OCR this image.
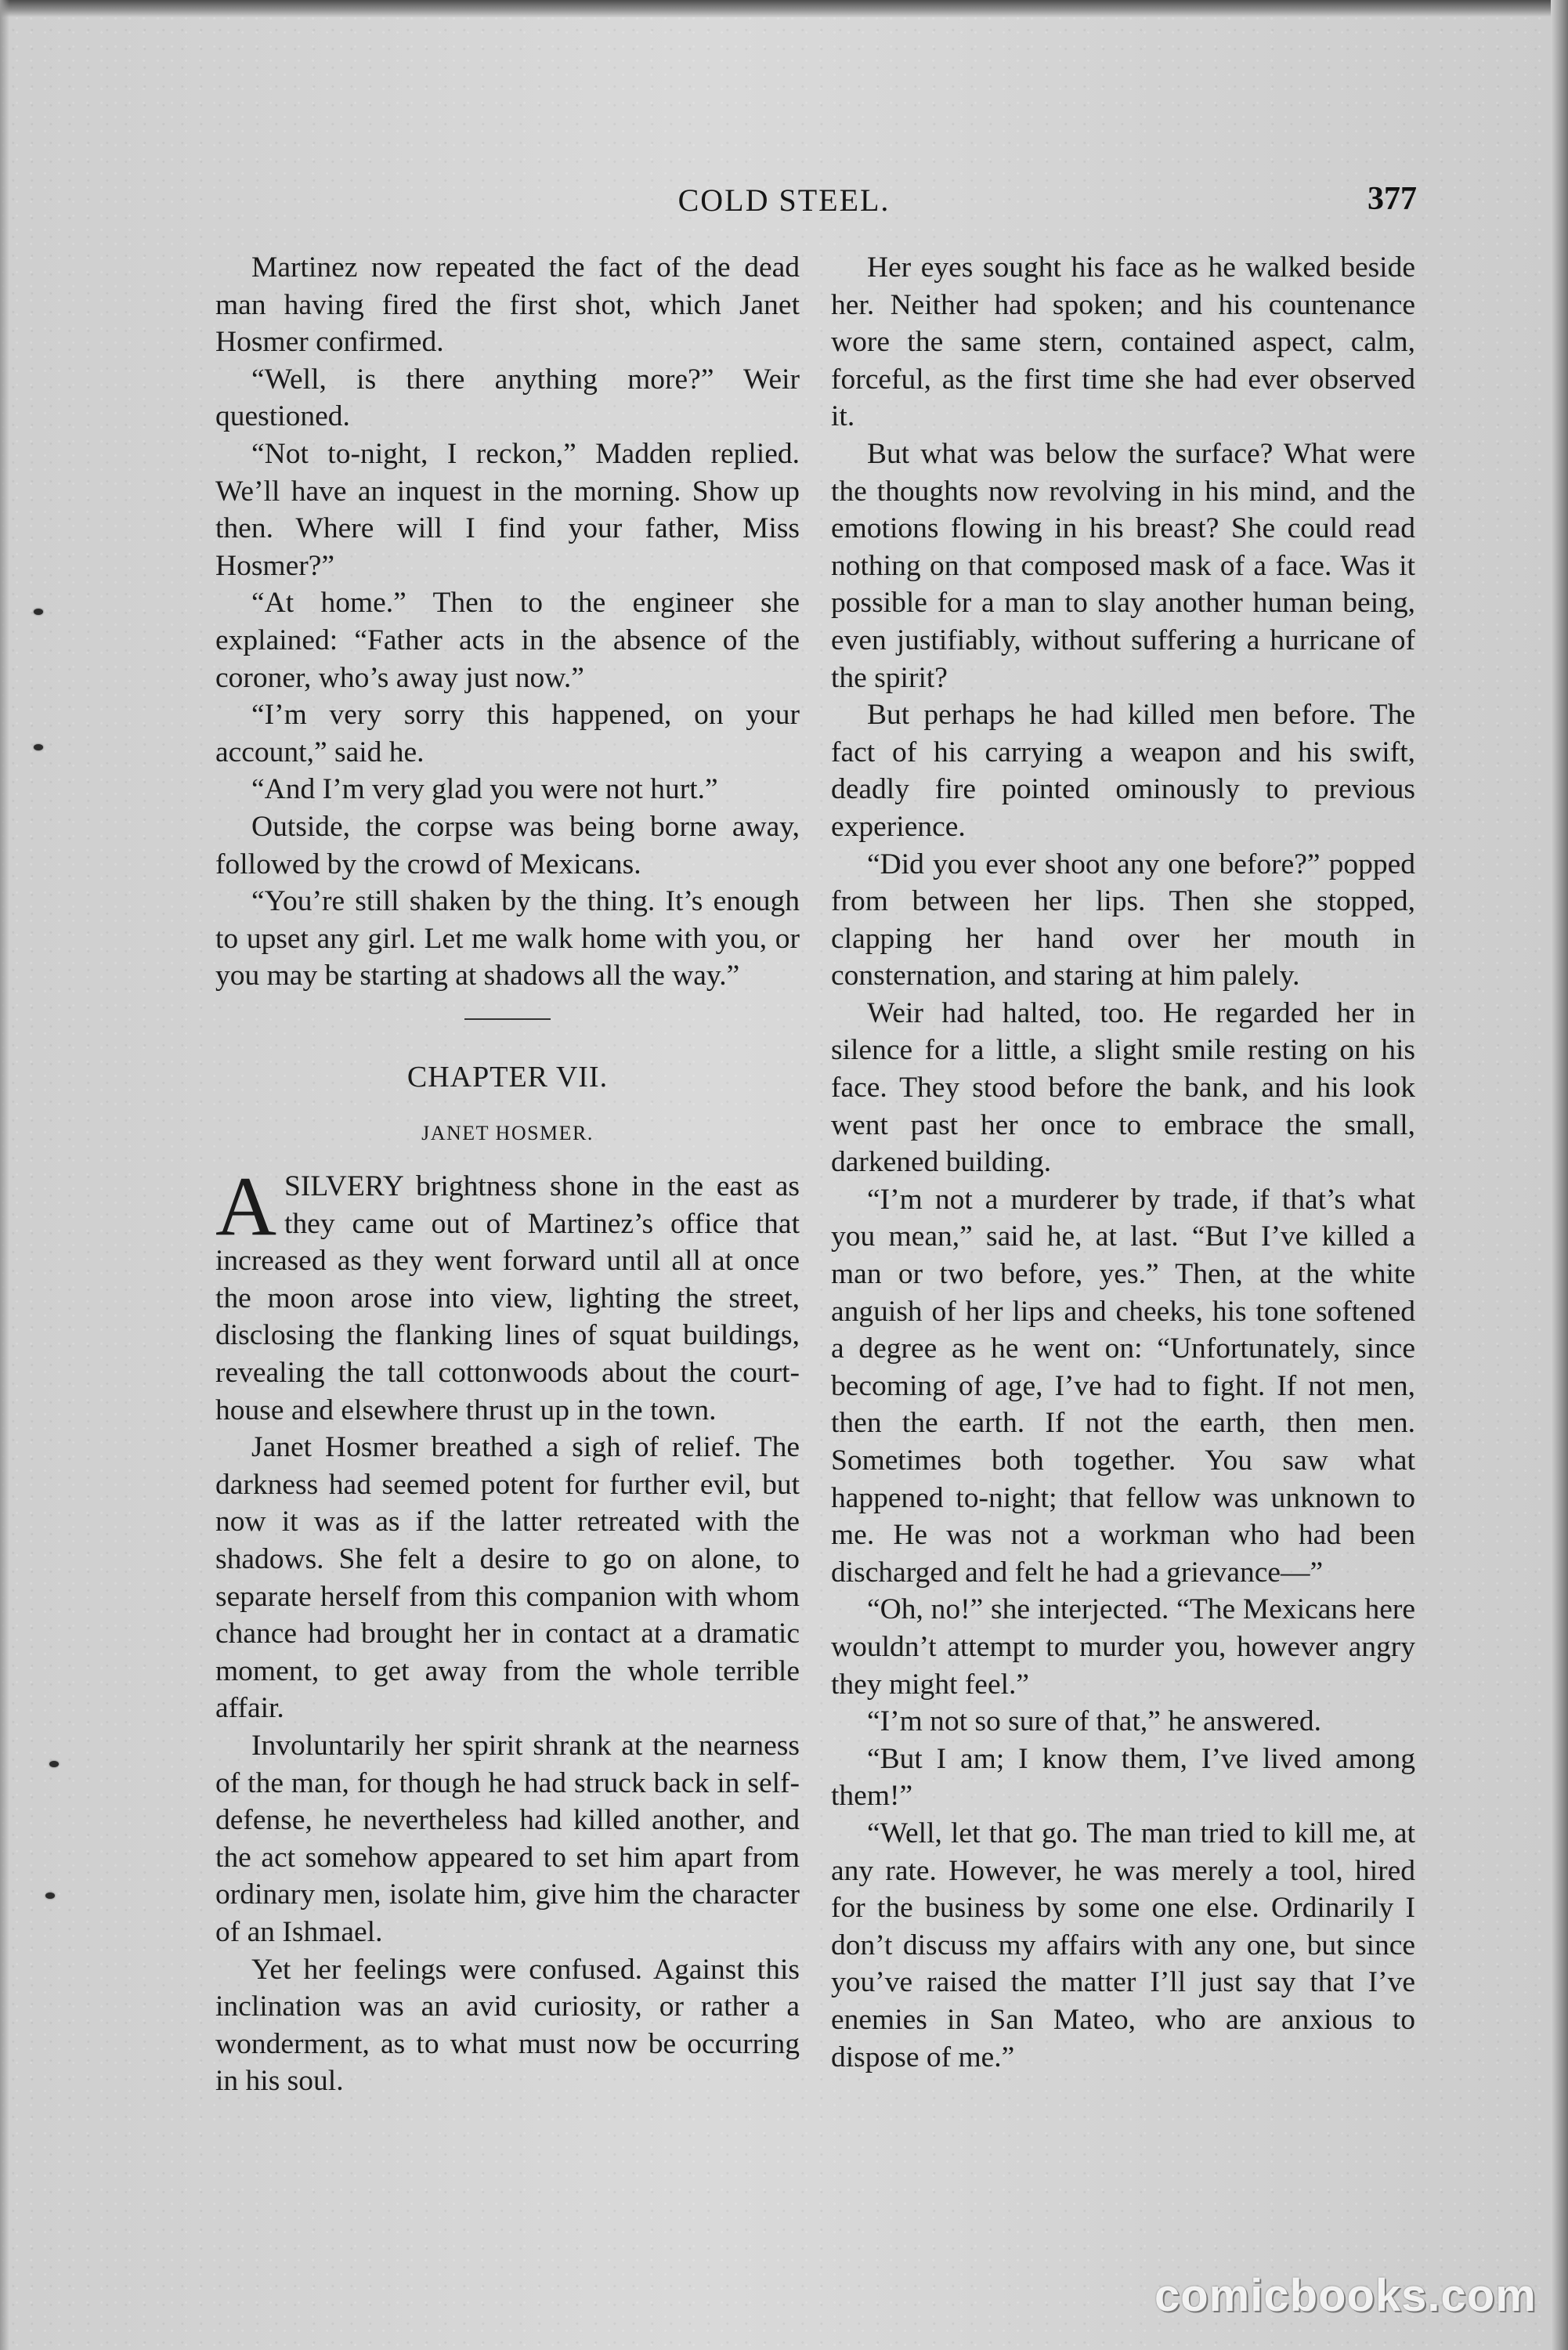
COLD STEEL.	377

Martinez now repeated the fact of the dead man having fired the first shot, which Janet Hosmer confirmed.

“Well, is there anything more?” Weir questioned.

“Not to-night, I reckon,” Madden replied. We’ll have an inquest in the morning. Show up then. Where will I find your father, Miss Hosmer?”

“At home.” Then to the engineer she explained: “Father acts in the absence of the coroner, who’s away just now.”

“I’m very sorry this happened, on your account,” said he.

“And I’m very glad you were not hurt.”

Outside, the corpse was being borne away, followed by the crowd of Mexicans.

“You’re still shaken by the thing. It’s enough to upset any girl. Let me walk home with you, or you may be starting at shadows all the way.”

CHAPTER VII.
JANET HOSMER.

ASILVERY brightness shone in the east as they came out of Martinez’s office that increased as they went forward until all at once the moon arose into view, lighting the street, disclosing the flanking lines of squat buildings, revealing the tall cottonwoods about the court-house and elsewhere thrust up in the town.

Janet Hosmer breathed a sigh of relief. The darkness had seemed potent for further evil, but now it was as if the latter retreated with the shadows. She felt a desire to go on alone, to separate herself from this companion with whom chance had brought her in contact at a dramatic moment, to get away from the whole terrible affair.

Involuntarily her spirit shrank at the nearness of the man, for though he had struck back in self-defense, he nevertheless had killed another, and the act somehow appeared to set him apart from ordinary men, isolate him, give him the character of an Ishmael.

Yet her feelings were confused. Against this inclination was an avid curiosity, or rather a wonderment, as to what must now be occurring in his soul.

Her eyes sought his face as he walked beside her. Neither had spoken; and his countenance wore the same stern, contained aspect, calm, forceful, as the first time she had ever observed it.

But what was below the surface? What were the thoughts now revolving in his mind, and the emotions flowing in his breast? She could read nothing on that composed mask of a face. Was it possible for a man to slay another human being, even justifiably, without suffering a hurricane of the spirit?

But perhaps he had killed men before. The fact of his carrying a weapon and his swift, deadly fire pointed ominously to previous experience.

“Did you ever shoot any one before?” popped from between her lips. Then she stopped, clapping her hand over her mouth in consternation, and staring at him palely.

Weir had halted, too. He regarded her in silence for a little, a slight smile resting on his face. They stood before the bank, and his look went past her once to embrace the small, darkened building.

“I’m not a murderer by trade, if that’s what you mean,” said he, at last. “But I’ve killed a man or two before, yes.” Then, at the white anguish of her lips and cheeks, his tone softened a degree as he went on: “Unfortunately, since becoming of age, I’ve had to fight. If not men, then the earth. If not the earth, then men. Sometimes both together. You saw what happened to-night; that fellow was unknown to me. He was not a workman who had been discharged and felt he had a grievance—”

“Oh, no!” she interjected. “The Mexicans here wouldn’t attempt to murder you, however angry they might feel.”

“I’m not so sure of that,” he answered.

“But I am; I know them, I’ve lived among them!”

“Well, let that go. The man tried to kill me, at any rate. However, he was merely a tool, hired for the business by some one else. Ordinarily I don’t discuss my affairs with any one, but since you’ve raised the matter I’ll just say that I’ve enemies in San Mateo, who are anxious to dispose of me.”

comicbooks.com
